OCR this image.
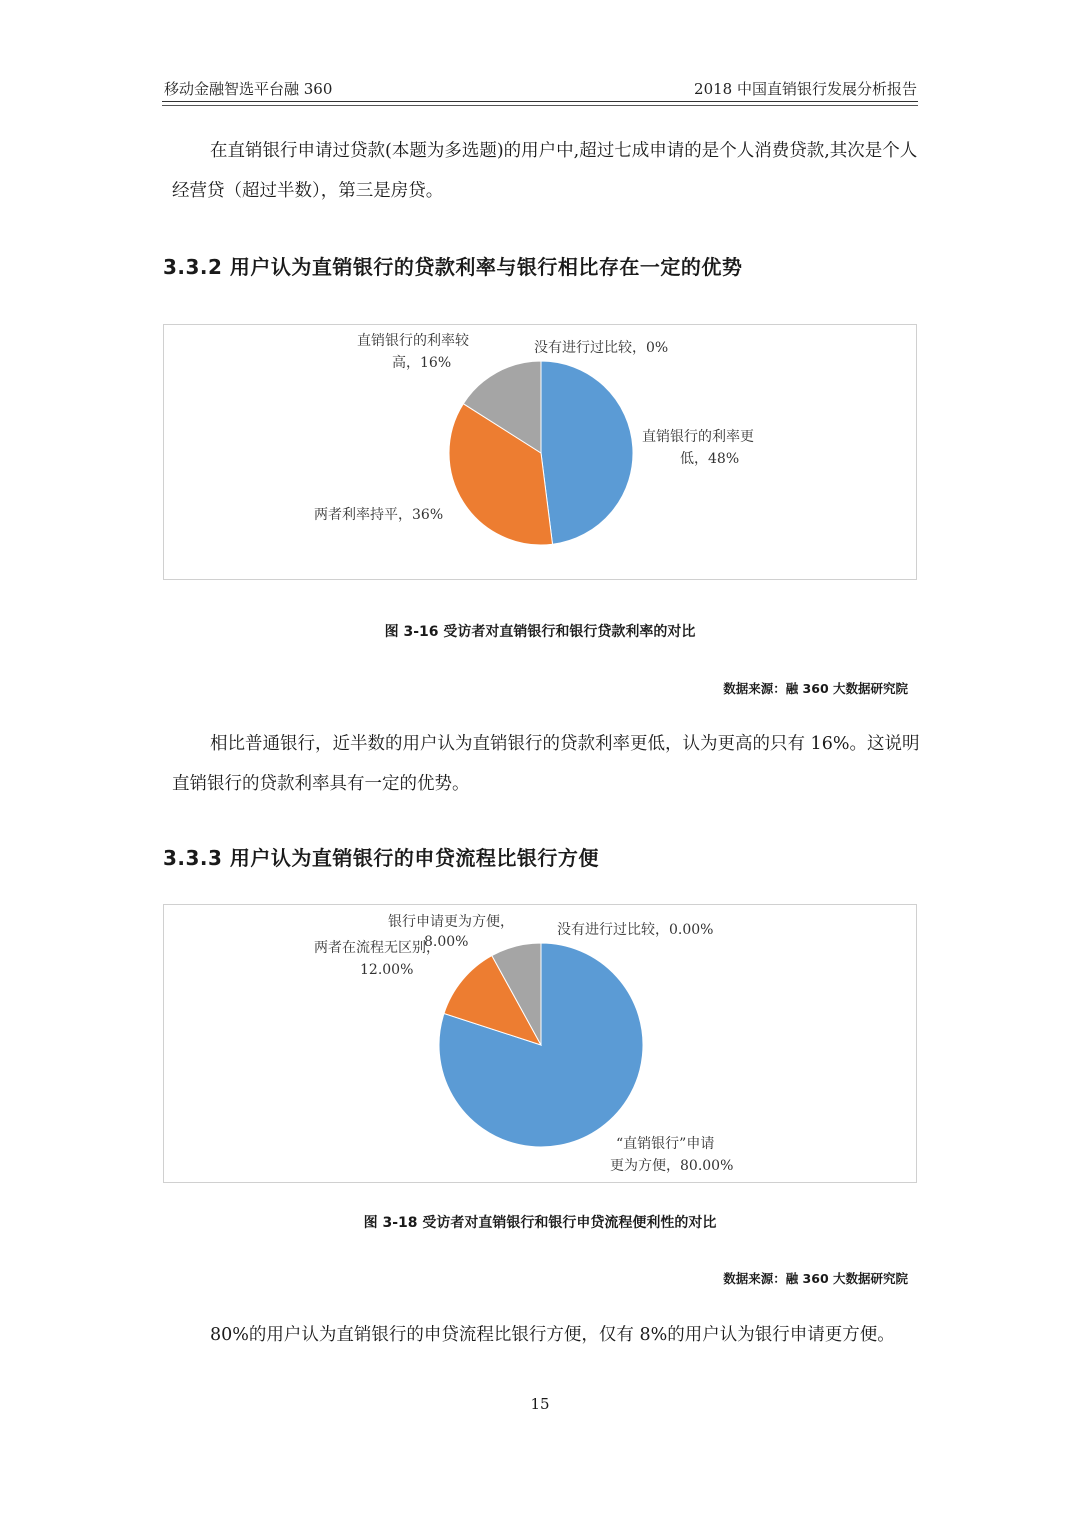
移动金融智选平台融 360	2018 中国直销银行发展分析报告

在直销银行申请过贷款(本题为多选题)的用户中,超过七成申请的是个人消费贷款,其次是个人经营贷（超过半数），第三是房贷。

3.3.2 用户认为直销银行的贷款利率与银行相比存在一定的优势
直销银行的利率较
高，16%
没有进行过比较，0%
直销银行的利率更
低，48%
两者利率持平，36%
图 3-16 受访者对直销银行和银行贷款利率的对比
数据来源：融 360 大数据研究院

相比普通银行，近半数的用户认为直销银行的贷款利率更低，认为更高的只有 16%。这说明直销银行的贷款利率具有一定的优势。

3.3.3 用户认为直销银行的申贷流程比银行方便
银行申请更为方便，
8.00%
两者在流程无区别，
12.00%
没有进行过比较，0.00%
“直销银行”申请
更为方便，80.00%
图 3-18 受访者对直销银行和银行申贷流程便利性的对比
数据来源：融 360 大数据研究院

80%的用户认为直销银行的申贷流程比银行方便，仅有 8%的用户认为银行申请更方便。

15
